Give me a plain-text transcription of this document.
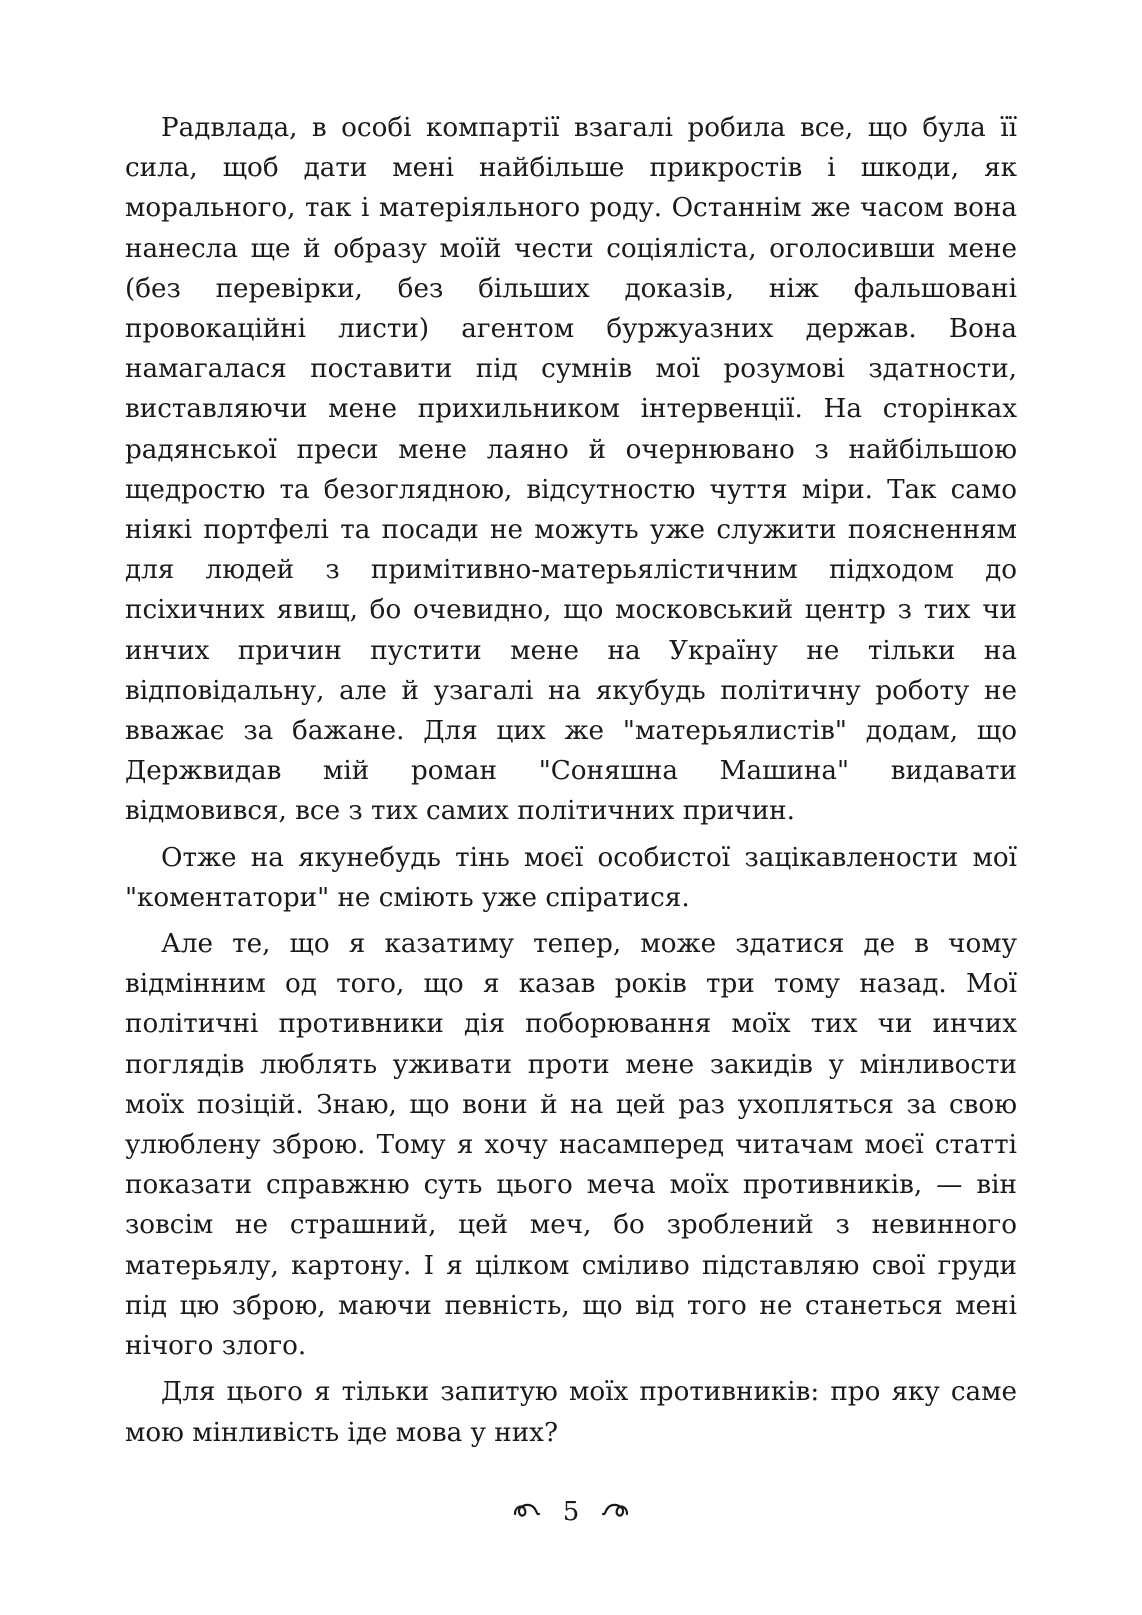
Радвлада, в особі компартії взагалі робила все, що була її сила, щоб дати мені найбільше прикростів і шкоди, як морального, так і матеріяльного роду. Останнім же часом вона нанесла ще й образу моїй чести соціяліста, оголосивши мене (без перевірки, без більших доказів, ніж фальшовані провокаційні листи) агентом буржуазних держав. Вона намагалася поставити під сумнів мої розумові здатности, виставляючи мене прихильником інтервенції. На сторінках радянської преси мене лаяно й очернювано з найбільшою щедростю та безоглядною, відсутностю чуття міри. Так само ніякі портфелі та посади не можуть уже служити поясненням для людей з примітивно-матерьялістичним підходом до псіхичних явищ, бо очевидно, що московський центр з тих чи инчих причин пустити мене на Україну не тільки на відповідальну, але й узагалі на якубудь політичну роботу не вважає за бажане. Для цих же "матерьялистів" додам, що Держвидав мій роман "Соняшна Машина" видавати відмовився, все з тих самих політичних причин.

Отже на якунебудь тінь моєї особистої зацікавлености мої "коментатори" не сміють уже спіратися.

Але те, що я казатиму тепер, може здатися де в чому відмінним од того, що я казав років три тому назад. Мої політичні противники дія поборювання моїх тих чи инчих поглядів люблять уживати проти мене закидів у мінливости моїх позіцій. Знаю, що вони й на цей раз ухопляться за свою улюблену зброю. Тому я хочу насамперед читачам моєї статті показати справжню суть цього меча моїх противників, — він зовсім не страшний, цей меч, бо зроблений з невинного матерьялу, картону. І я цілком сміливо підставляю свої груди під цю зброю, маючи певність, що від того не станеться мені нічого злого.

Для цього я тільки запитую моїх противників: про яку саме мою мінливість іде мова у них?

5
